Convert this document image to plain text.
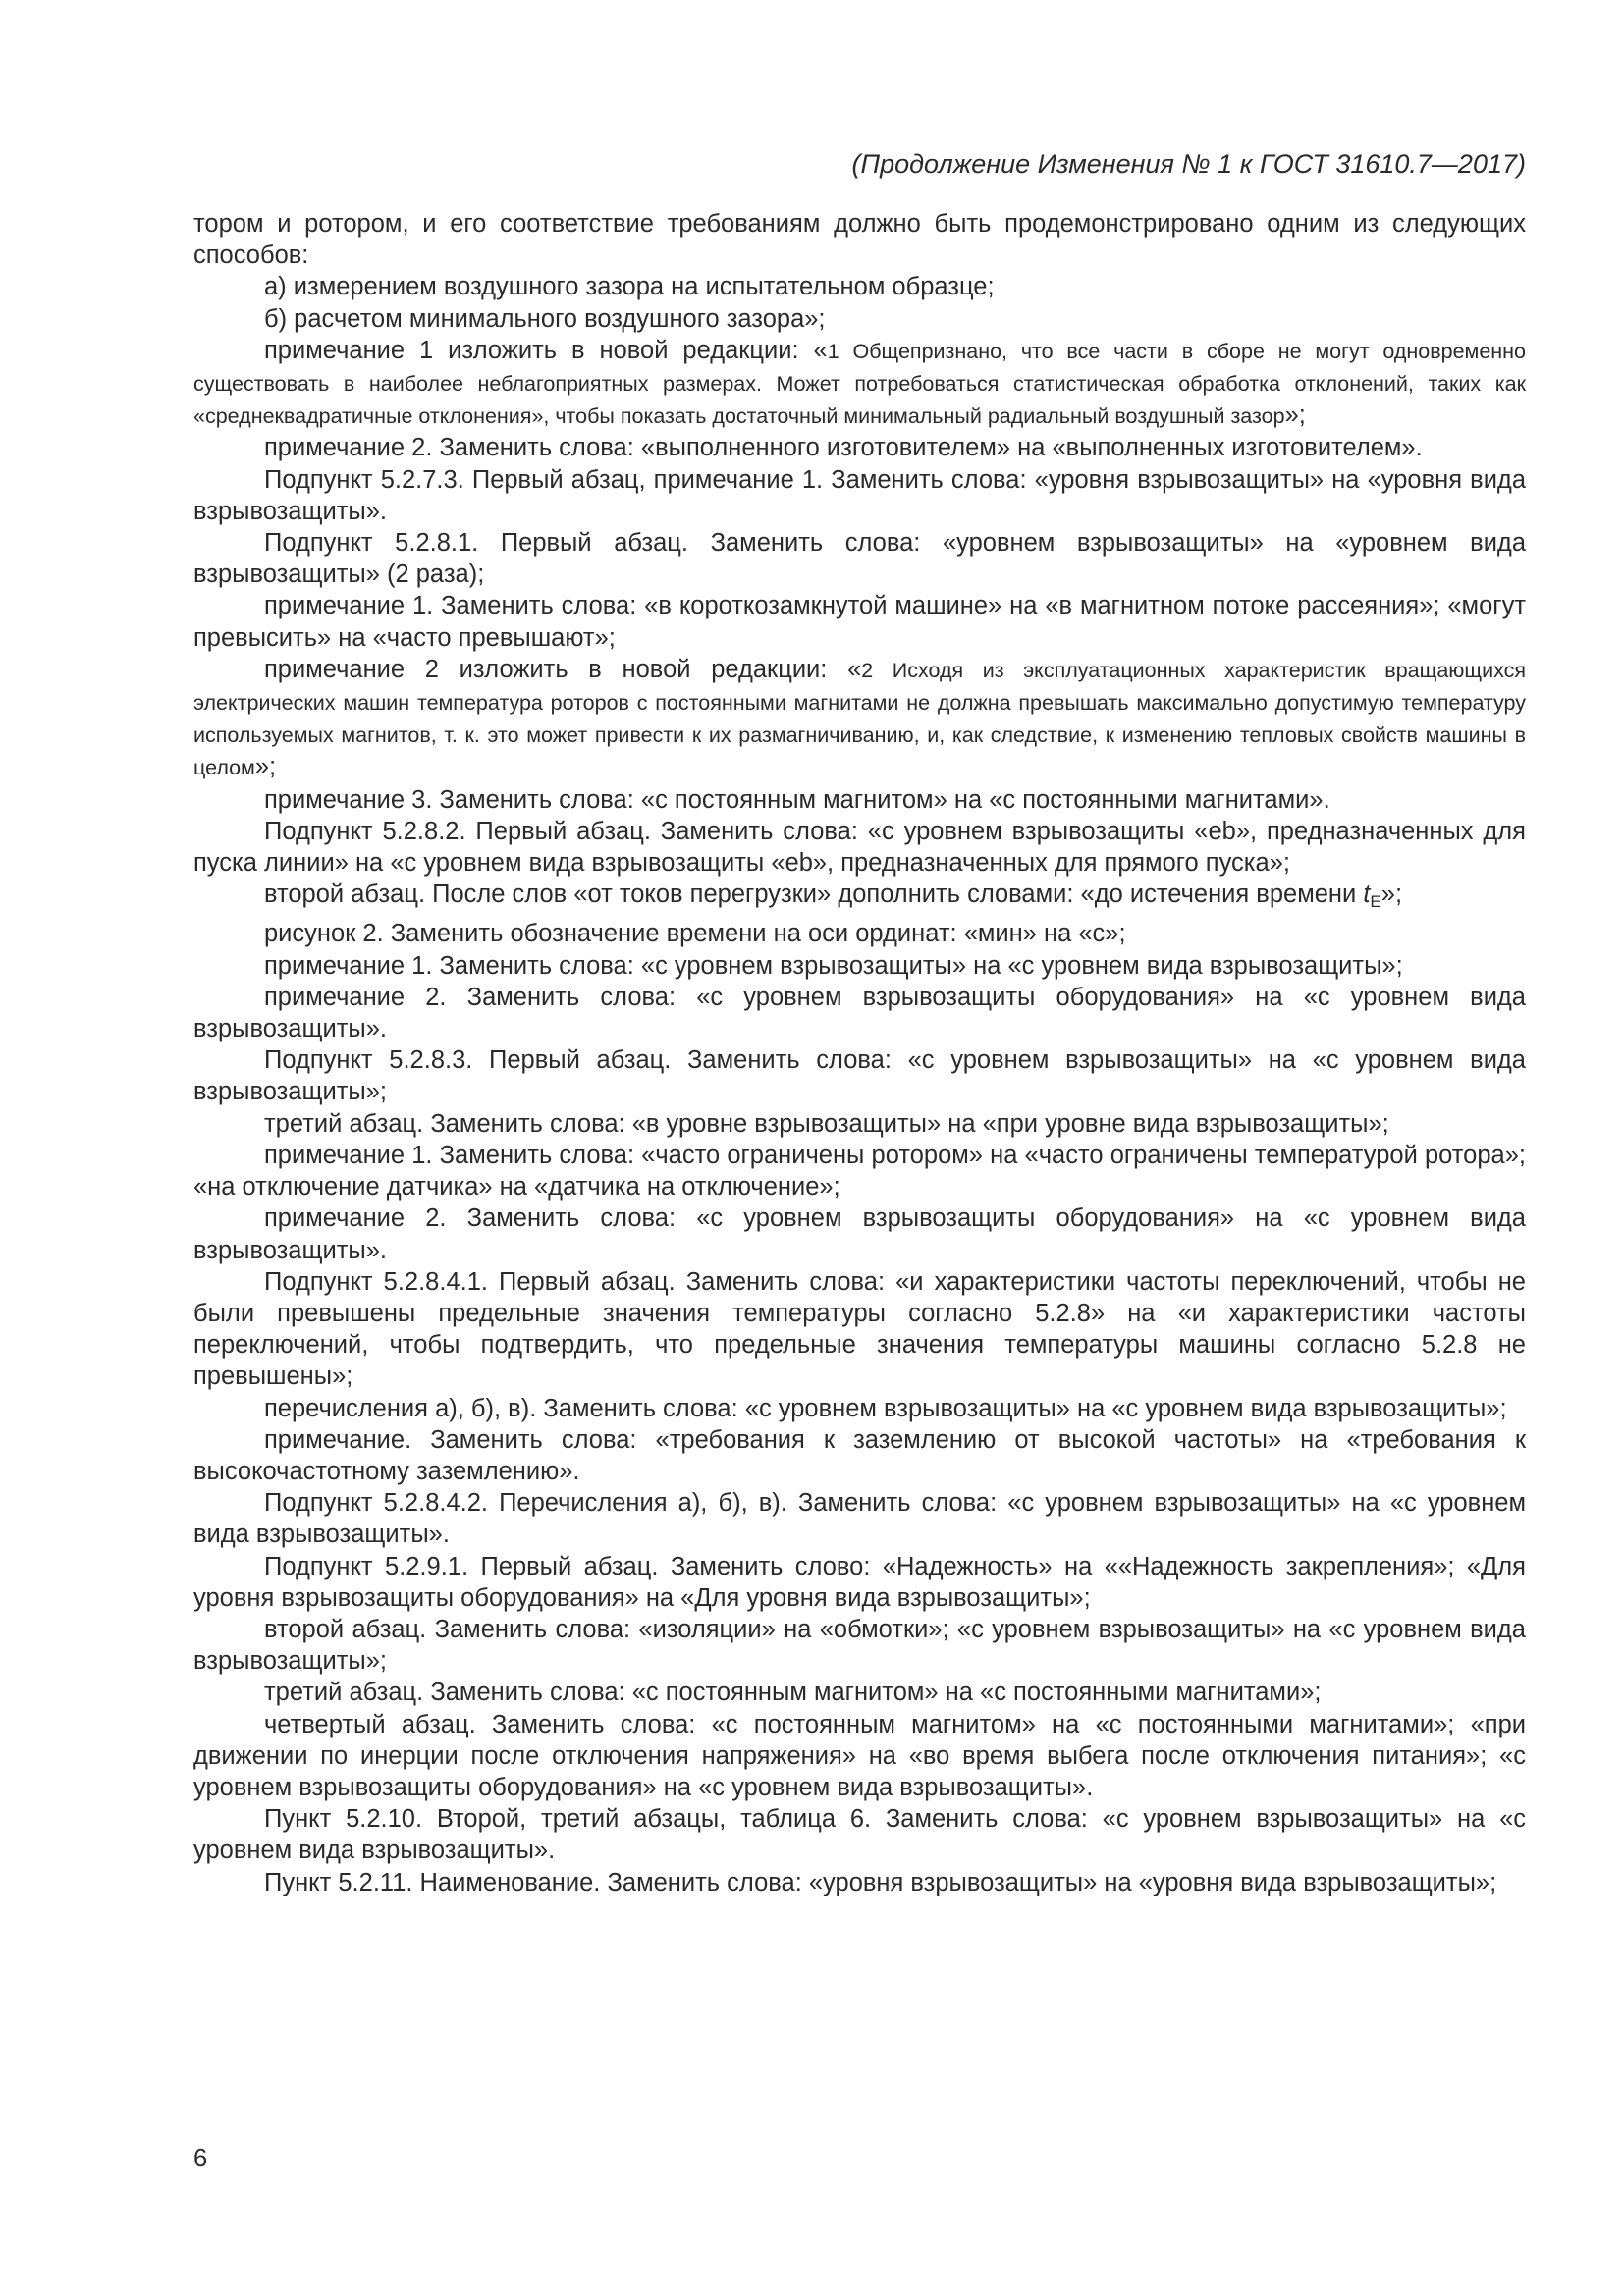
(Продолжение Изменения № 1 к ГОСТ 31610.7—2017)

тором и ротором, и его соответствие требованиям должно быть продемонстрировано одним из следующих способов:

а) измерением воздушного зазора на испытательном образце;

б) расчетом минимального воздушного зазора»;

примечание 1 изложить в новой редакции: «1 Общепризнано, что все части в сборе не могут одновременно существовать в наиболее неблагоприятных размерах. Может потребоваться статистическая обработка отклонений, таких как «среднеквадратичные отклонения», чтобы показать достаточный минимальный радиальный воздушный зазор»;

примечание 2. Заменить слова: «выполненного изготовителем» на «выполненных изготовителем».

Подпункт 5.2.7.3. Первый абзац, примечание 1. Заменить слова: «уровня взрывозащиты» на «уровня вида взрывозащиты».

Подпункт 5.2.8.1. Первый абзац. Заменить слова: «уровнем взрывозащиты» на «уровнем вида взрывозащиты» (2 раза);

примечание 1. Заменить слова: «в короткозамкнутой машине» на «в магнитном потоке рассеяния»; «могут превысить» на «часто превышают»;

примечание 2 изложить в новой редакции: «2 Исходя из эксплуатационных характеристик вращающихся электрических машин температура роторов с постоянными магнитами не должна превышать максимально допустимую температуру используемых магнитов, т. к. это может привести к их размагничиванию, и, как следствие, к изменению тепловых свойств машины в целом»;

примечание 3. Заменить слова: «с постоянным магнитом» на «с постоянными магнитами».

Подпункт 5.2.8.2. Первый абзац. Заменить слова: «с уровнем взрывозащиты «eb», предназначенных для пуска линии» на «с уровнем вида взрывозащиты «eb», предназначенных для прямого пуска»;

второй абзац. После слов «от токов перегрузки» дополнить словами: «до истечения времени tE»;

рисунок 2. Заменить обозначение времени на оси ординат: «мин» на «с»;

примечание 1. Заменить слова: «с уровнем взрывозащиты» на «с уровнем вида взрывозащиты»;

примечание 2. Заменить слова: «с уровнем взрывозащиты оборудования» на «с уровнем вида взрывозащиты».

Подпункт 5.2.8.3. Первый абзац. Заменить слова: «с уровнем взрывозащиты» на «с уровнем вида взрывозащиты»;

третий абзац. Заменить слова: «в уровне взрывозащиты» на «при уровне вида взрывозащиты»;

примечание 1. Заменить слова: «часто ограничены ротором» на «часто ограничены температурой ротора»; «на отключение датчика» на «датчика на отключение»;

примечание 2. Заменить слова: «с уровнем взрывозащиты оборудования» на «с уровнем вида взрывозащиты».

Подпункт 5.2.8.4.1. Первый абзац. Заменить слова: «и характеристики частоты переключений, чтобы не были превышены предельные значения температуры согласно 5.2.8» на «и характеристики частоты переключений, чтобы подтвердить, что предельные значения температуры машины согласно 5.2.8 не превышены»;

перечисления а), б), в). Заменить слова: «с уровнем взрывозащиты» на «с уровнем вида взрывозащиты»;

примечание. Заменить слова: «требования к заземлению от высокой частоты» на «требования к высокочастотному заземлению».

Подпункт 5.2.8.4.2. Перечисления а), б), в). Заменить слова: «с уровнем взрывозащиты» на «с уровнем вида взрывозащиты».

Подпункт 5.2.9.1. Первый абзац. Заменить слово: «Надежность» на ««Надежность закрепления»; «Для уровня взрывозащиты оборудования» на «Для уровня вида взрывозащиты»;

второй абзац. Заменить слова: «изоляции» на «обмотки»; «с уровнем взрывозащиты» на «с уровнем вида взрывозащиты»;

третий абзац. Заменить слова: «с постоянным магнитом» на «с постоянными магнитами»;

четвертый абзац. Заменить слова: «с постоянным магнитом» на «с постоянными магнитами»; «при движении по инерции после отключения напряжения» на «во время выбега после отключения питания»; «с уровнем взрывозащиты оборудования» на «с уровнем вида взрывозащиты».

Пункт 5.2.10. Второй, третий абзацы, таблица 6. Заменить слова: «с уровнем взрывозащиты» на «с уровнем вида взрывозащиты».

Пункт 5.2.11. Наименование. Заменить слова: «уровня взрывозащиты» на «уровня вида взрывозащиты»;

6
